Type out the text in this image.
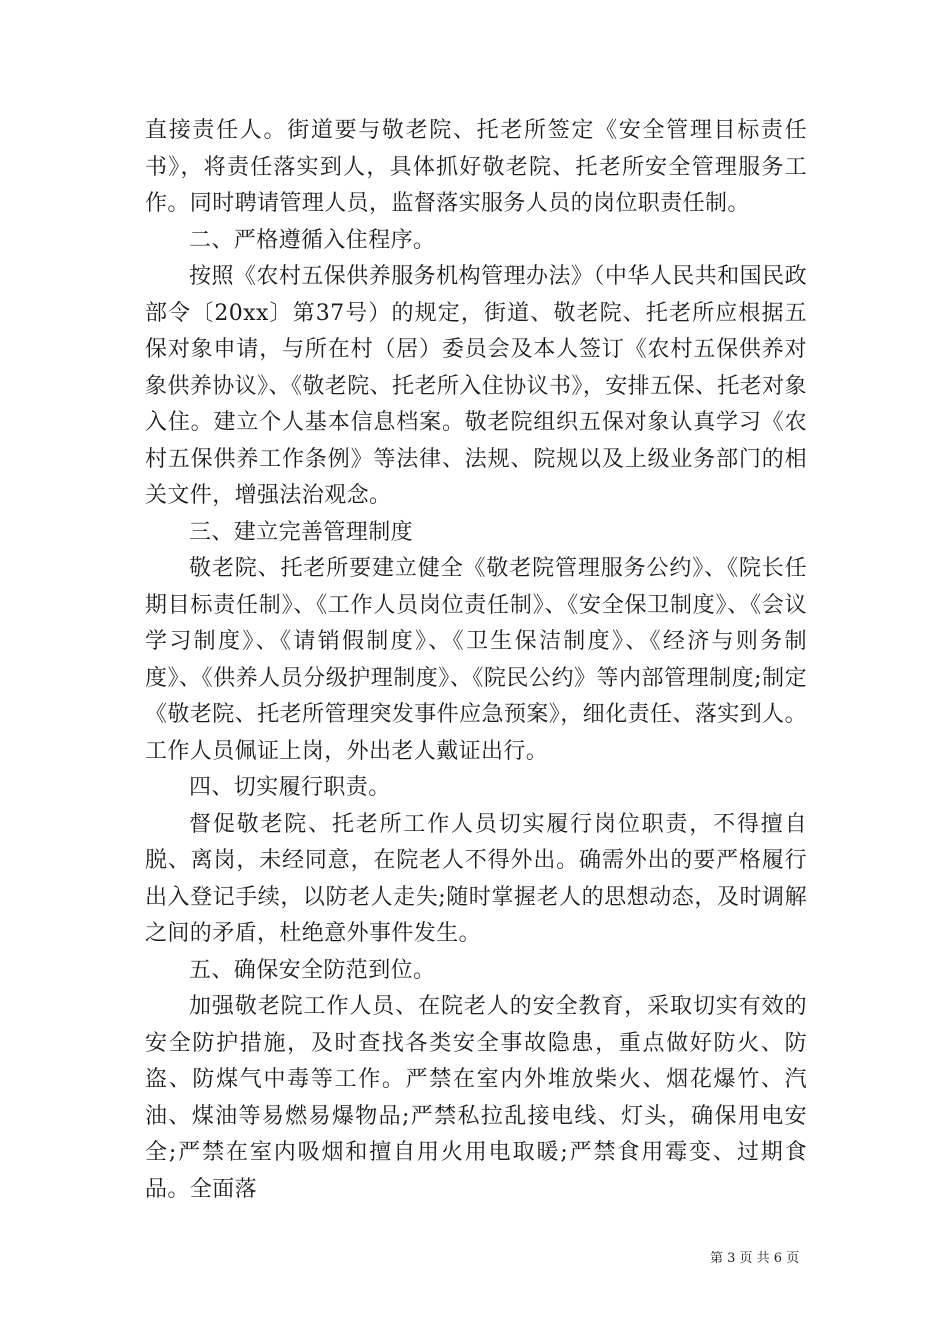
直接责任人。街道要与敬老院、托老所签定《安全管理目标责任书》，将责任落实到人，具体抓好敬老院、托老所安全管理服务工作。同时聘请管理人员，监督落实服务人员的岗位职责任制。

二、严格遵循入住程序。

按照《农村五保供养服务机构管理办法》（中华人民共和国民政部令〔20xx〕第37号）的规定，街道、敬老院、托老所应根据五保对象申请，与所在村（居）委员会及本人签订《农村五保供养对象供养协议》、《敬老院、托老所入住协议书》，安排五保、托老对象入住。建立个人基本信息档案。敬老院组织五保对象认真学习《农村五保供养工作条例》等法律、法规、院规以及上级业务部门的相关文件，增强法治观念。

三、建立完善管理制度

敬老院、托老所要建立健全《敬老院管理服务公约》、《院长任期目标责任制》、《工作人员岗位责任制》、《安全保卫制度》、《会议学习制度》、《请销假制度》、《卫生保洁制度》、《经济与则务制度》、《供养人员分级护理制度》、《院民公约》等内部管理制度;制定《敬老院、托老所管理突发事件应急预案》，细化责任、落实到人。工作人员佩证上岗，外出老人戴证出行。

四、切实履行职责。

督促敬老院、托老所工作人员切实履行岗位职责，不得擅自脱、离岗，未经同意，在院老人不得外出。确需外出的要严格履行出入登记手续，以防老人走失;随时掌握老人的思想动态，及时调解之间的矛盾，杜绝意外事件发生。

五、确保安全防范到位。

加强敬老院工作人员、在院老人的安全教育，采取切实有效的安全防护措施，及时查找各类安全事故隐患，重点做好防火、防盗、防煤气中毒等工作。严禁在室内外堆放柴火、烟花爆竹、汽油、煤油等易燃易爆物品;严禁私拉乱接电线、灯头，确保用电安全;严禁在室内吸烟和擅自用火用电取暖;严禁食用霉变、过期食品。全面落

第 3 页 共 6 页
